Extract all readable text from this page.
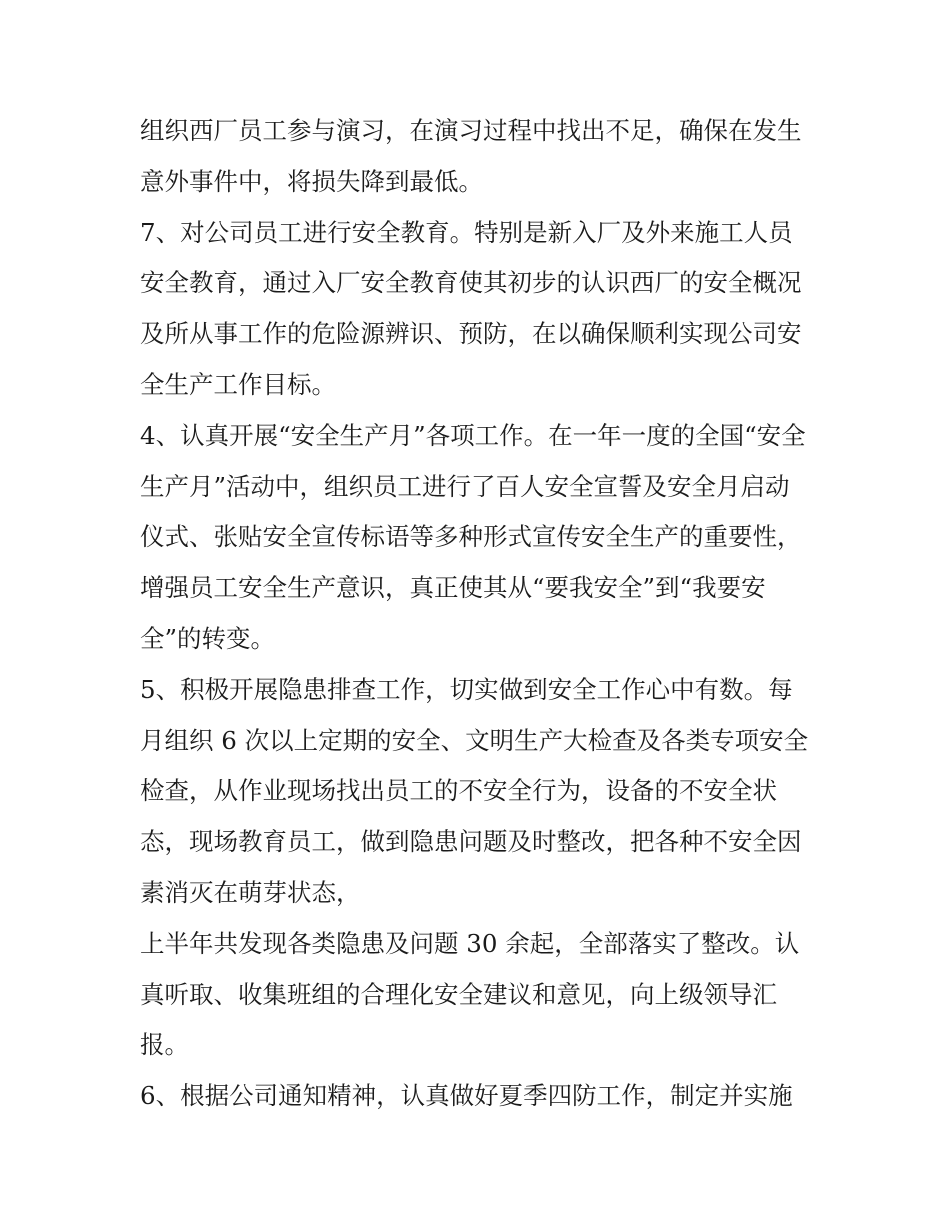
组织西厂员工参与演习，在演习过程中找出不足，确保在发生
意外事件中，将损失降到最低。
7、对公司员工进行安全教育。特别是新入厂及外来施工人员
安全教育，通过入厂安全教育使其初步的认识西厂的安全概况
及所从事工作的危险源辨识、预防，在以确保顺利实现公司安
全生产工作目标。
4、认真开展“安全生产月”各项工作。在一年一度的全国“安全
生产月”活动中，组织员工进行了百人安全宣誓及安全月启动
仪式、张贴安全宣传标语等多种形式宣传安全生产的重要性，
增强员工安全生产意识，真正使其从“要我安全”到“我要安
全”的转变。
5、积极开展隐患排查工作，切实做到安全工作心中有数。每
月组织 6 次以上定期的安全、文明生产大检查及各类专项安全
检查，从作业现场找出员工的不安全行为，设备的不安全状
态，现场教育员工，做到隐患问题及时整改，把各种不安全因
素消灭在萌芽状态，
上半年共发现各类隐患及问题 30 余起，全部落实了整改。认
真听取、收集班组的合理化安全建议和意见，向上级领导汇
报。
6、根据公司通知精神，认真做好夏季四防工作，制定并实施
